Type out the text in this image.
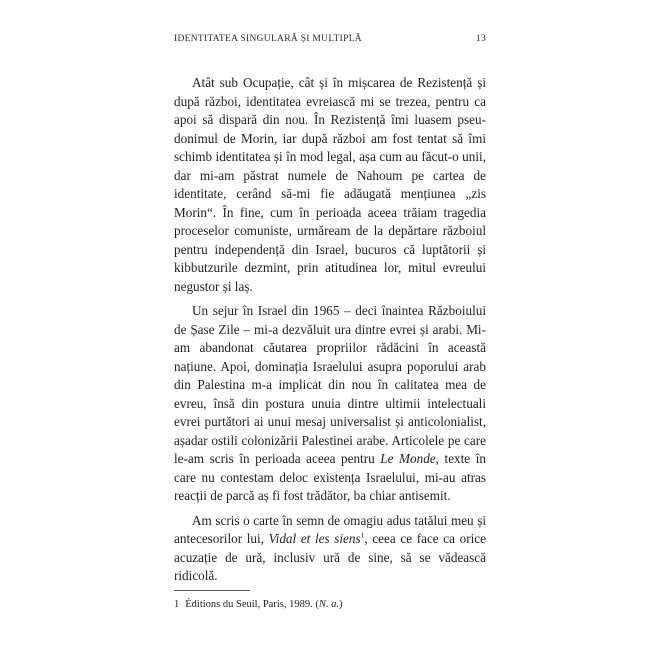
IDENTITATEA SINGULARĂ ȘI MULTIPLĂ	13

Atât sub Ocupație, cât și în mișcarea de Rezistență și după război, identitatea evreiască mi se trezea, pentru ca apoi să dispară din nou. În Rezistență îmi luasem pseudonimul de Morin, iar după război am fost tentat să îmi schimb identitatea și în mod legal, așa cum au făcut-o unii, dar mi-am păstrat numele de Nahoum pe cartea de identitate, cerând să-mi fie adăugată mențiunea „zis Morin“. În fine, cum în perioada aceea trăiam tragedia proceselor comuniste, urmăream de la depărtare războiul pentru independență din Israel, bucuros că luptătorii și kibbutzurile dezmint, prin atitudinea lor, mitul evreului negustor și laș.

Un sejur în Israel din 1965 – deci înaintea Războiului de Șase Zile – mi-a dezvăluit ura dintre evrei și arabi. Mi-am abandonat căutarea propriilor rădăcini în această națiune. Apoi, dominația Israelului asupra poporului arab din Palestina m-a implicat din nou în calitatea mea de evreu, însă din postura unuia dintre ultimii intelectuali evrei purtători ai unui mesaj universalist și anticolonialist, așadar ostili colonizării Palestinei arabe. Articolele pe care le-am scris în perioada aceea pentru Le Monde, texte în care nu contestam deloc existența Israelului, mi-au atras reacții de parcă aș fi fost trădător, ba chiar antisemit.

Am scris o carte în semn de omagiu adus tatălui meu și antecesorilor lui, Vidal et les siens$^1$, ceea ce face ca orice acuzație de ură, inclusiv ură de sine, să se vădească ridicolă.

1 Éditions du Seuil, Paris, 1989. (N. a.)
